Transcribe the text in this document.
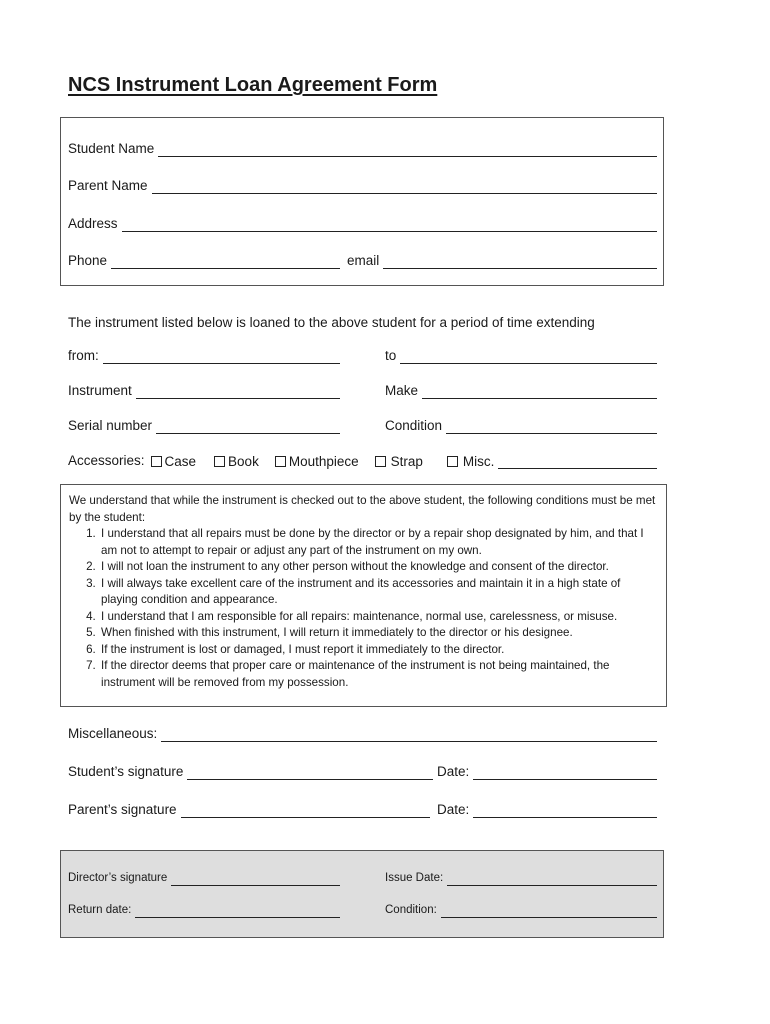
NCS Instrument Loan Agreement Form
Student Name
Parent Name
Address
Phone	email
The instrument listed below is loaned to the above student for a period of time extending
from:	to
Instrument	Make
Serial number	Condition
Accessories:	Case Book Mouthpiece Strap	Misc.

We understand that while the instrument is checked out to the above student, the following conditions must be met by the student:

1. I understand that all repairs must be done by the director or by a repair shop designated by him, and that I am not to attempt to repair or adjust any part of the instrument on my own.
2. I will not loan the instrument to any other person without the knowledge and consent of the director.
3. I will always take excellent care of the instrument and its accessories and maintain it in a high state of playing condition and appearance.
4. I understand that I am responsible for all repairs: maintenance, normal use, carelessness, or misuse.
5. When finished with this instrument, I will return it immediately to the director or his designee.
6. If the instrument is lost or damaged, I must report it immediately to the director.
7. If the director deems that proper care or maintenance of the instrument is not being maintained, the instrument will be removed from my possession.
Miscellaneous:
Student’s signature	Date:
Parent’s signature	Date:
Director’s signature	Issue Date:
Return date:	Condition:
